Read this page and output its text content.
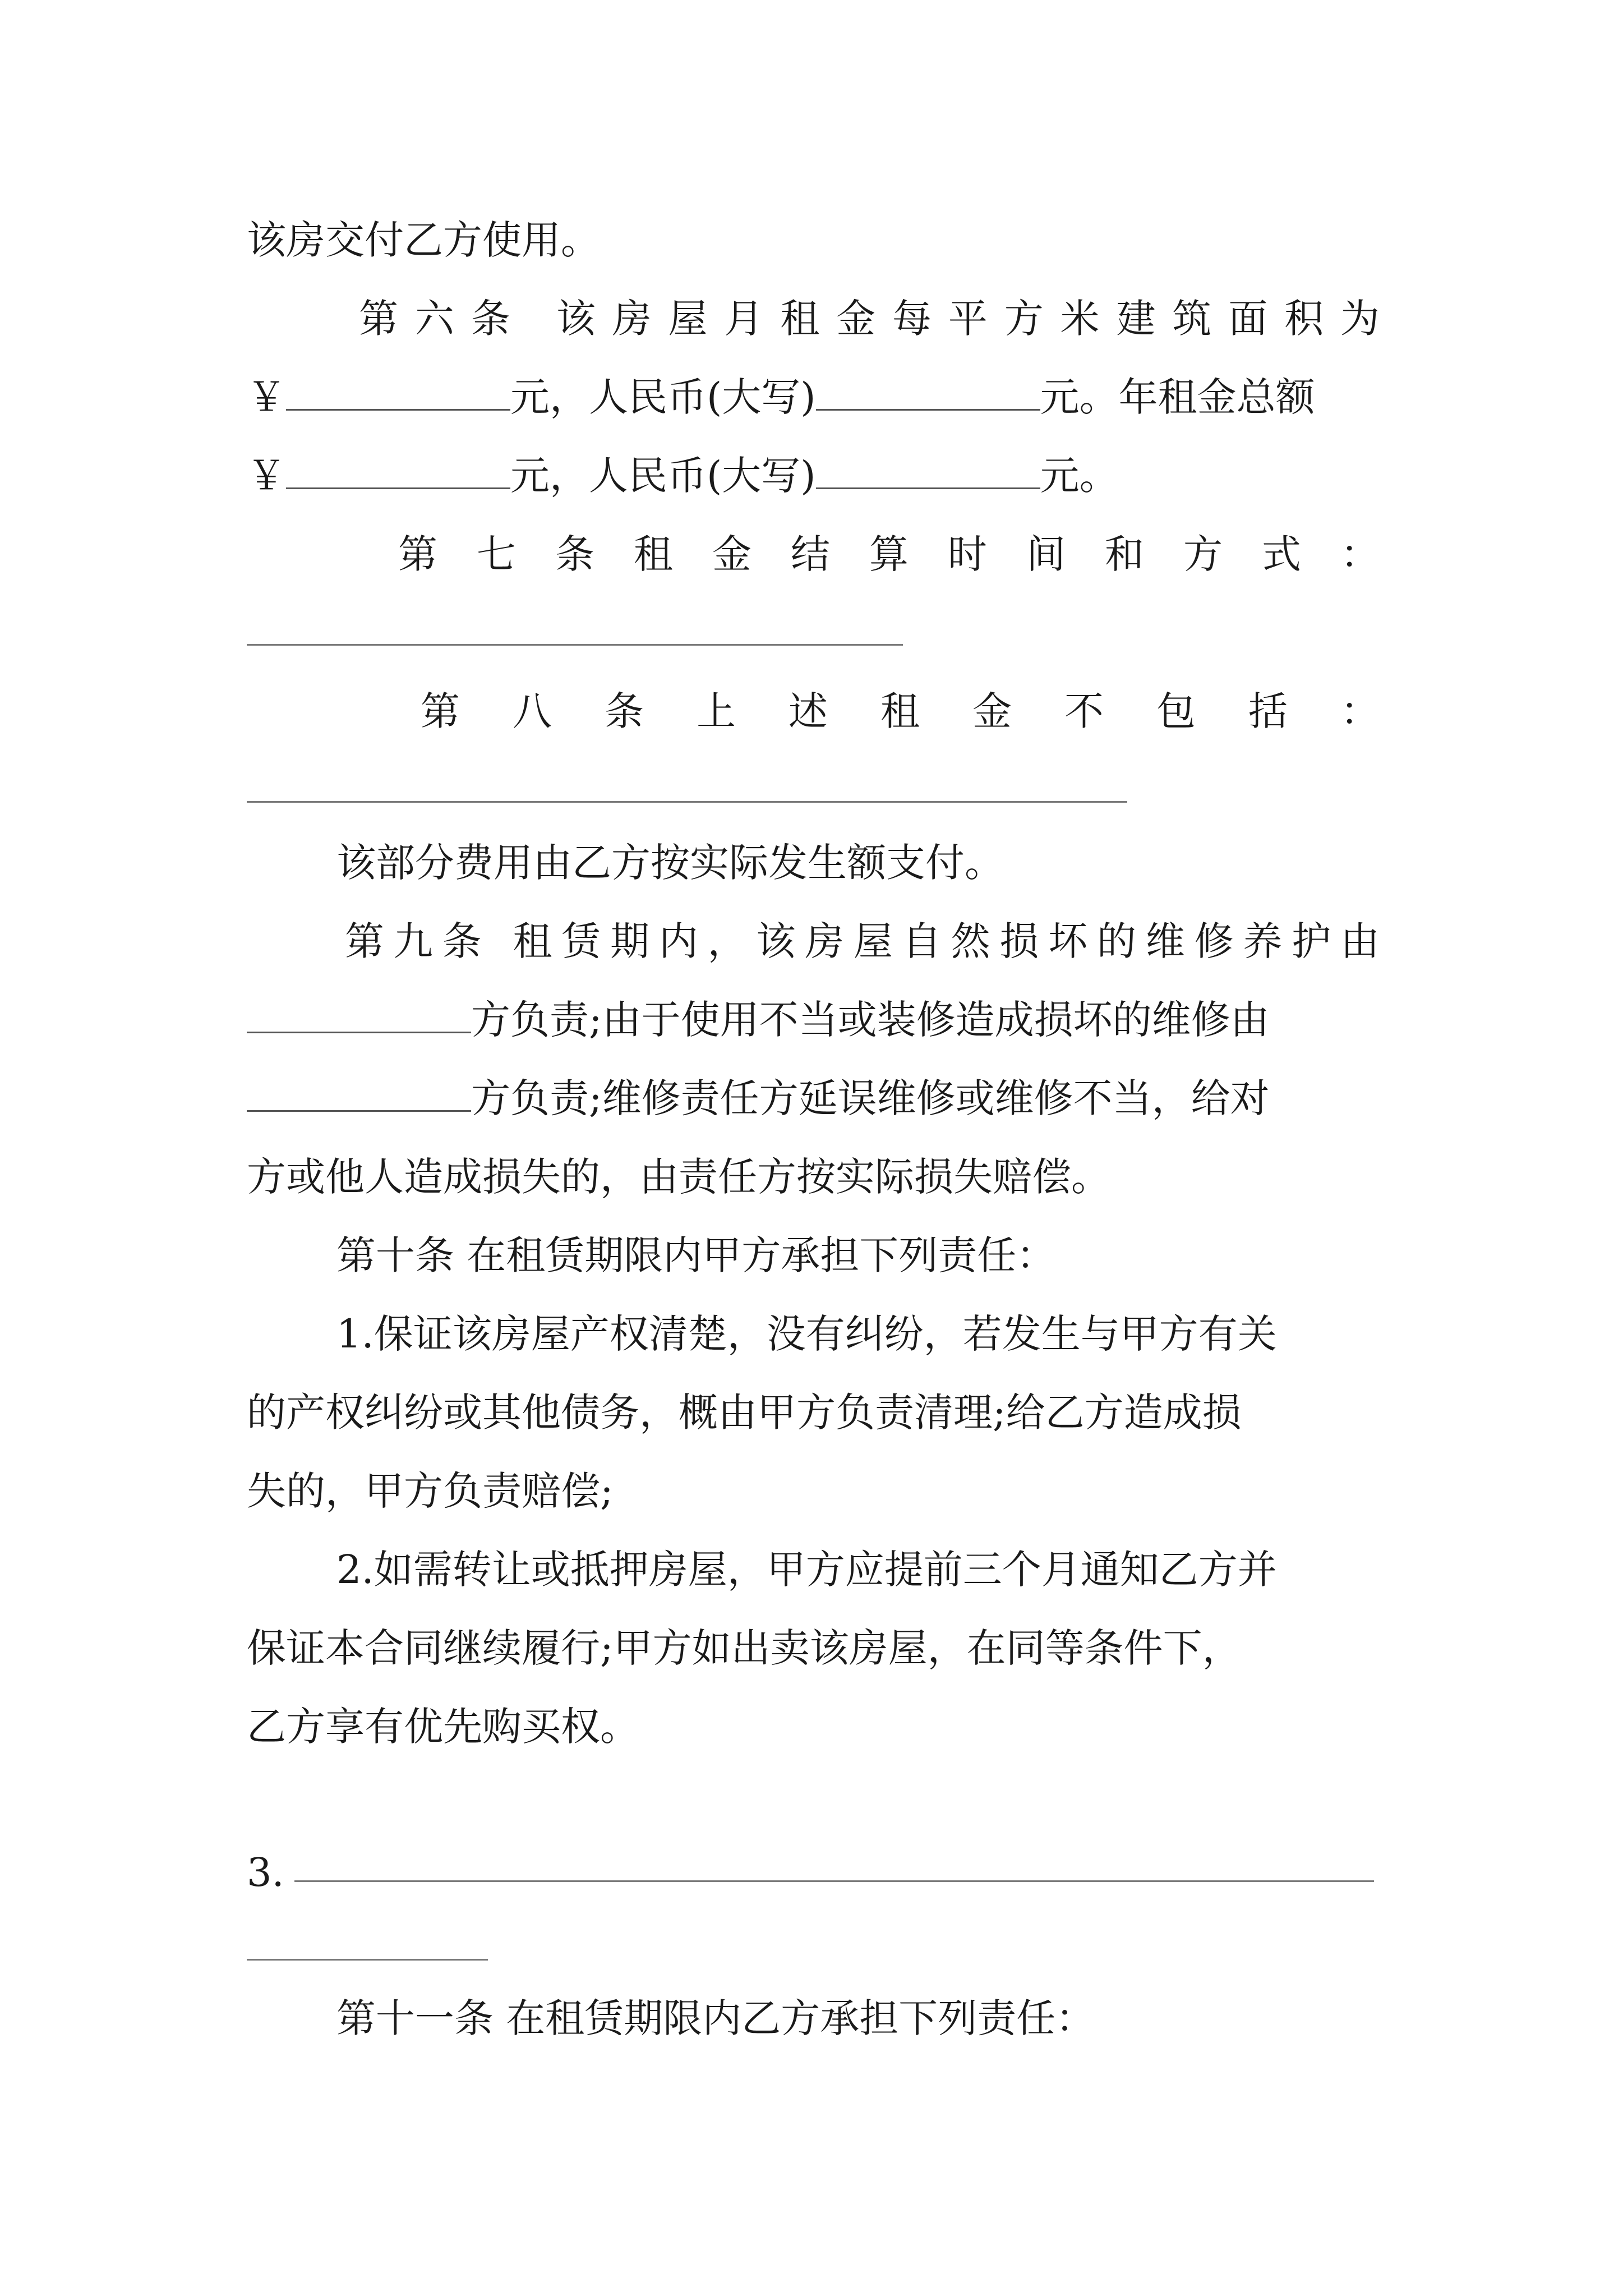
该房交付乙方使用。

第六条 该房屋月租金每平方米建筑面积为

￥	元，人民币(大写)	元。年租金总额

￥	元，人民币(大写)	元。

第 七 条 租 金 结 算 时 间 和 方 式 ：

第 八 条 上 述 租 金 不 包 括 ：

该部分费用由乙方按实际发生额支付。

第九条 租赁期内，该房屋自然损坏的维修养护由

方负责;由于使用不当或装修造成损坏的维修由

方负责;维修责任方延误维修或维修不当，给对

方或他人造成损失的，由责任方按实际损失赔偿。

第十条 在租赁期限内甲方承担下列责任：

1.保证该房屋产权清楚，没有纠纷，若发生与甲方有关

的产权纠纷或其他债务，概由甲方负责清理;给乙方造成损

失的，甲方负责赔偿;

2.如需转让或抵押房屋，甲方应提前三个月通知乙方并

保证本合同继续履行;甲方如出卖该房屋，在同等条件下，

乙方享有优先购买权。

3.

第十一条 在租赁期限内乙方承担下列责任：
